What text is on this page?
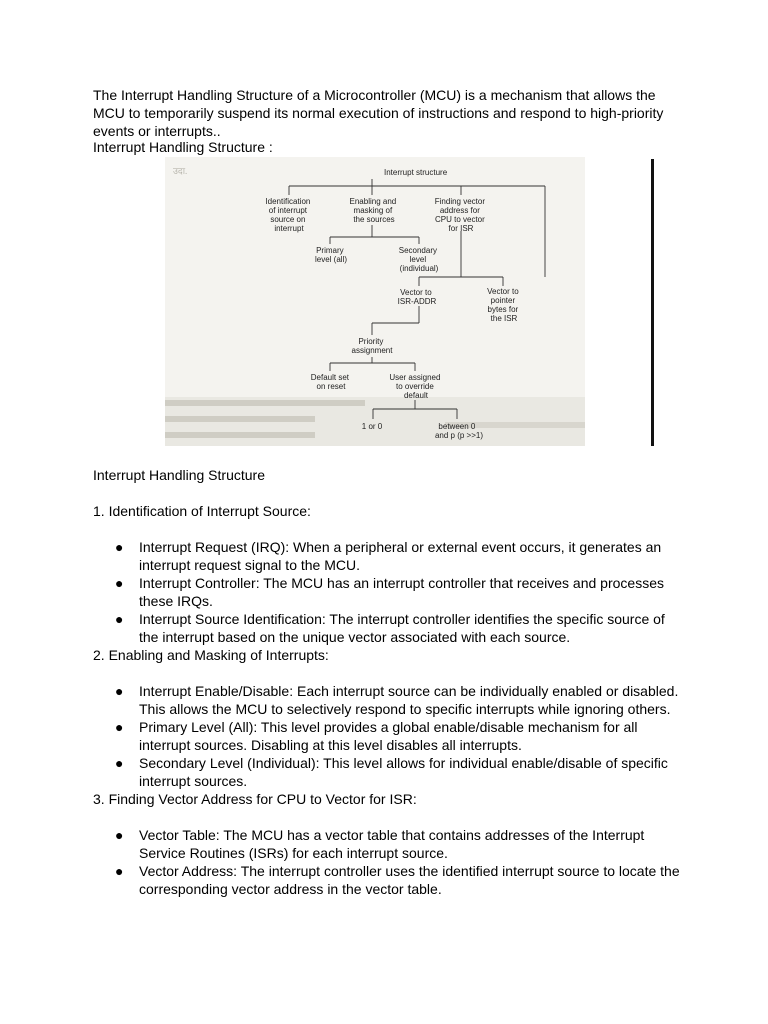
The Interrupt Handling Structure of a Microcontroller (MCU) is a mechanism that allows the MCU to temporarily suspend its normal execution of instructions and respond to high-priority events or interrupts..

Interrupt Handling Structure :

उदा.	Interrupt structure
Identification of interrupt source on interrupt
Enabling and masking of the sources
Finding vector address for CPU to vector for ISR
Primary level (all)
Secondary level (individual)
Vector to ISR-ADDR
Vector to pointer bytes for the ISR
Priority assignment
Default set on reset
User assigned to override default
1 or 0	between 0 and p (p >>1)

Interrupt Handling Structure

1. Identification of Interrupt Source:
● Interrupt Request (IRQ): When a peripheral or external event occurs, it generates an interrupt request signal to the MCU.
● Interrupt Controller: The MCU has an interrupt controller that receives and processes these IRQs.
● Interrupt Source Identification: The interrupt controller identifies the specific source of the interrupt based on the unique vector associated with each source.
2. Enabling and Masking of Interrupts:
● Interrupt Enable/Disable: Each interrupt source can be individually enabled or disabled. This allows the MCU to selectively respond to specific interrupts while ignoring others.
● Primary Level (All): This level provides a global enable/disable mechanism for all interrupt sources. Disabling at this level disables all interrupts.
● Secondary Level (Individual): This level allows for individual enable/disable of specific interrupt sources.
3. Finding Vector Address for CPU to Vector for ISR:
● Vector Table: The MCU has a vector table that contains addresses of the Interrupt Service Routines (ISRs) for each interrupt source.
● Vector Address: The interrupt controller uses the identified interrupt source to locate the corresponding vector address in the vector table.
